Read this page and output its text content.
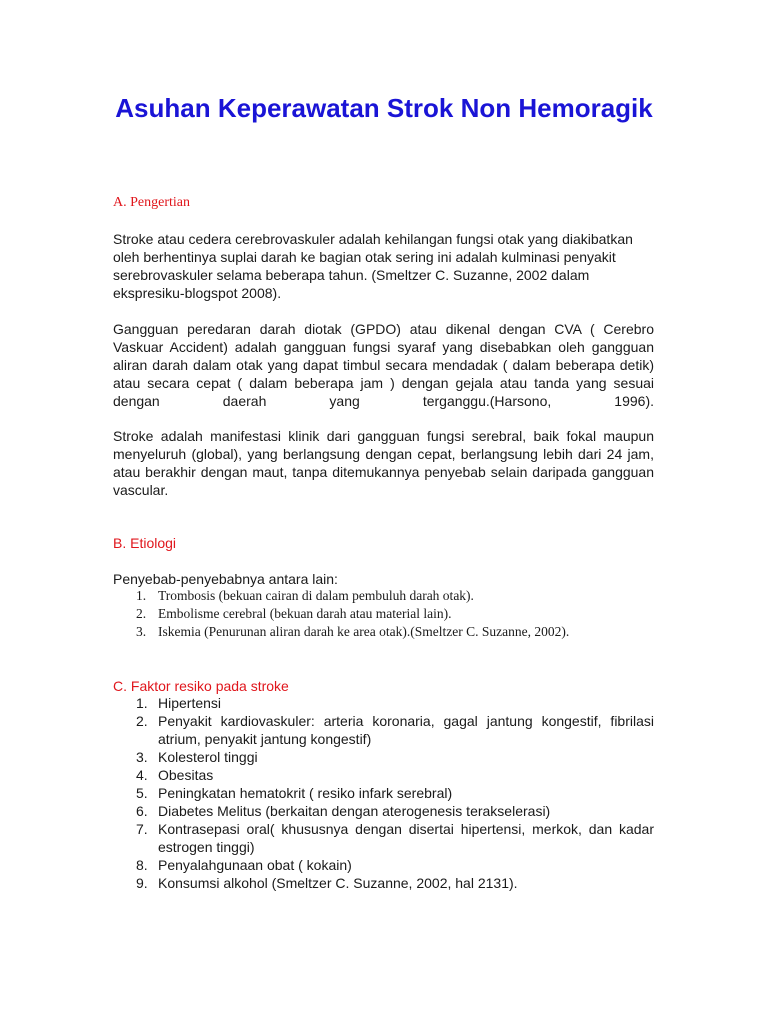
Asuhan Keperawatan Strok Non Hemoragik

A. Pengertian

Stroke atau cedera cerebrovaskuler adalah kehilangan fungsi otak yang diakibatkan oleh berhentinya suplai darah ke bagian otak sering ini adalah kulminasi penyakit serebrovaskuler selama beberapa tahun. (Smeltzer C. Suzanne, 2002 dalam ekspresiku-blogspot 2008).

Gangguan peredaran darah diotak (GPDO) atau dikenal dengan CVA ( Cerebro Vaskuar Accident) adalah gangguan fungsi syaraf yang disebabkan oleh gangguan aliran darah dalam otak yang dapat timbul secara mendadak ( dalam beberapa detik) atau secara cepat ( dalam beberapa jam ) dengan gejala atau tanda yang sesuai dengan daerah yang terganggu.(Harsono, 1996).

Stroke adalah manifestasi klinik dari gangguan fungsi serebral, baik fokal maupun menyeluruh (global), yang berlangsung dengan cepat, berlangsung lebih dari 24 jam, atau berakhir dengan maut, tanpa ditemukannya penyebab selain daripada gangguan vascular.

B. Etiologi

Penyebab-penyebabnya antara lain:

1. Trombosis (bekuan cairan di dalam pembuluh darah otak).
2. Embolisme cerebral (bekuan darah atau material lain).
3. Iskemia (Penurunan aliran darah ke area otak).(Smeltzer C. Suzanne, 2002).

C. Faktor resiko pada stroke

1. Hipertensi
2. Penyakit kardiovaskuler: arteria koronaria, gagal jantung kongestif, fibrilasi atrium, penyakit jantung kongestif)
3. Kolesterol tinggi
4. Obesitas
5. Peningkatan hematokrit ( resiko infark serebral)
6. Diabetes Melitus (berkaitan dengan aterogenesis terakselerasi)
7. Kontrasepasi oral( khususnya dengan disertai hipertensi, merkok, dan kadar estrogen tinggi)
8. Penyalahgunaan obat ( kokain)
9. Konsumsi alkohol (Smeltzer C. Suzanne, 2002, hal 2131).
